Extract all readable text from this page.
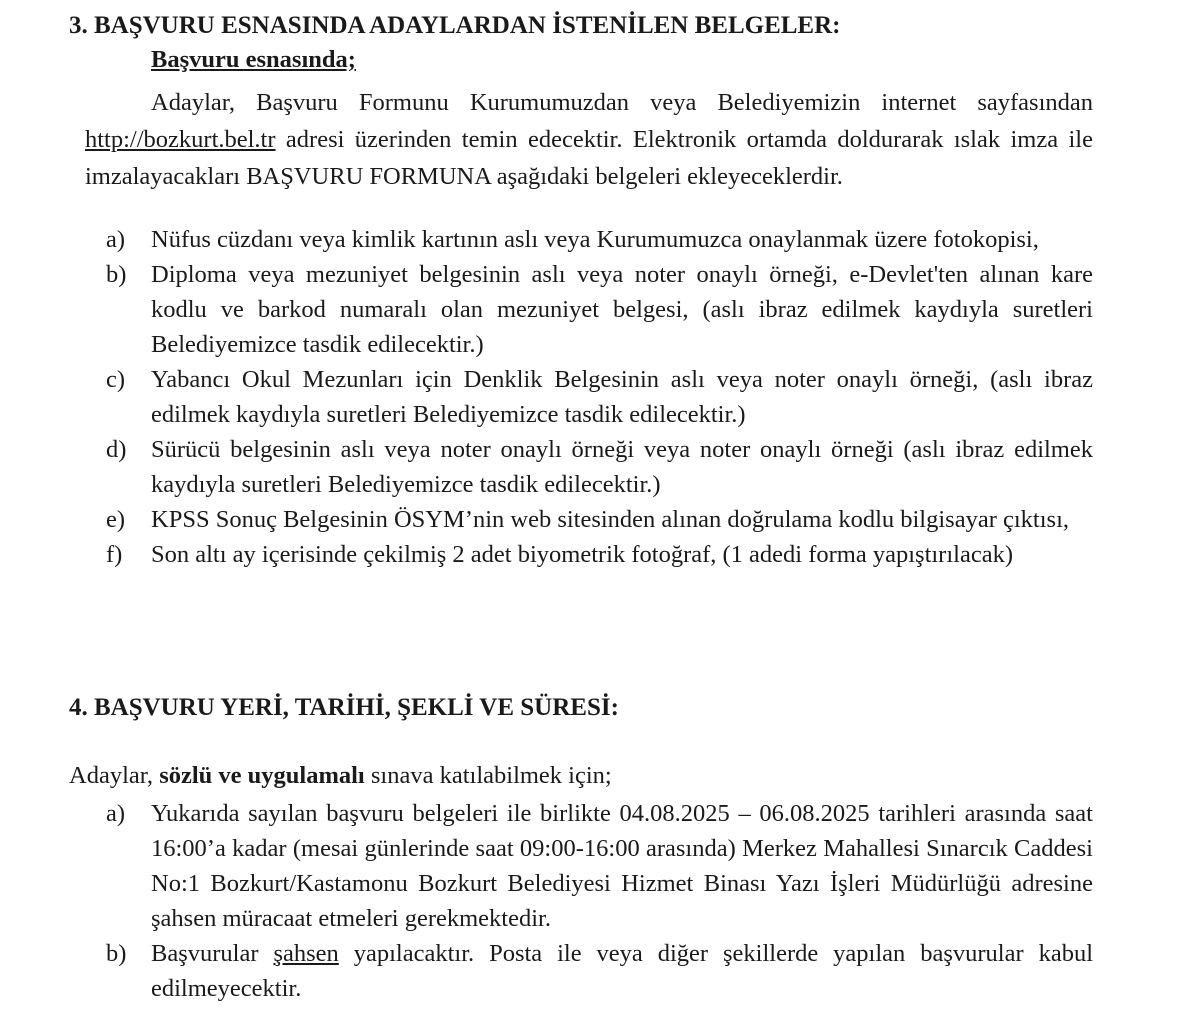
3. BAŞVURU ESNASINDA ADAYLARDAN İSTENİLEN BELGELER:
Başvuru esnasında;
Adaylar, Başvuru Formunu Kurumumuzdan veya Belediyemizin internet sayfasından http://bozkurt.bel.tr adresi üzerinden temin edecektir. Elektronik ortamda doldurarak ıslak imza ile imzalayacakları BAŞVURU FORMUNA aşağıdaki belgeleri ekleyeceklerdir.
a) Nüfus cüzdanı veya kimlik kartının aslı veya Kurumumuzca onaylanmak üzere fotokopisi,
b) Diploma veya mezuniyet belgesinin aslı veya noter onaylı örneği, e-Devlet'ten alınan kare kodlu ve barkod numaralı olan mezuniyet belgesi, (aslı ibraz edilmek kaydıyla suretleri Belediyemizce tasdik edilecektir.)
c) Yabancı Okul Mezunları için Denklik Belgesinin aslı veya noter onaylı örneği, (aslı ibraz edilmek kaydıyla suretleri Belediyemizce tasdik edilecektir.)
d) Sürücü belgesinin aslı veya noter onaylı örneği veya noter onaylı örneği (aslı ibraz edilmek kaydıyla suretleri Belediyemizce tasdik edilecektir.)
e) KPSS Sonuç Belgesinin ÖSYM’nin web sitesinden alınan doğrulama kodlu bilgisayar çıktısı,
f) Son altı ay içerisinde çekilmiş 2 adet biyometrik fotoğraf, (1 adedi forma yapıştırılacak)
4. BAŞVURU YERİ, TARİHİ, ŞEKLİ VE SÜRESİ:
Adaylar, sözlü ve uygulamalı sınava katılabilmek için;
a) Yukarıda sayılan başvuru belgeleri ile birlikte 04.08.2025 – 06.08.2025 tarihleri arasında saat 16:00’a kadar (mesai günlerinde saat 09:00-16:00 arasında) Merkez Mahallesi Sınarcık Caddesi No:1 Bozkurt/Kastamonu Bozkurt Belediyesi Hizmet Binası Yazı İşleri Müdürlüğü adresine şahsen müracaat etmeleri gerekmektedir.
b) Başvurular şahsen yapılacaktır. Posta ile veya diğer şekillerde yapılan başvurular kabul edilmeyecektir.
